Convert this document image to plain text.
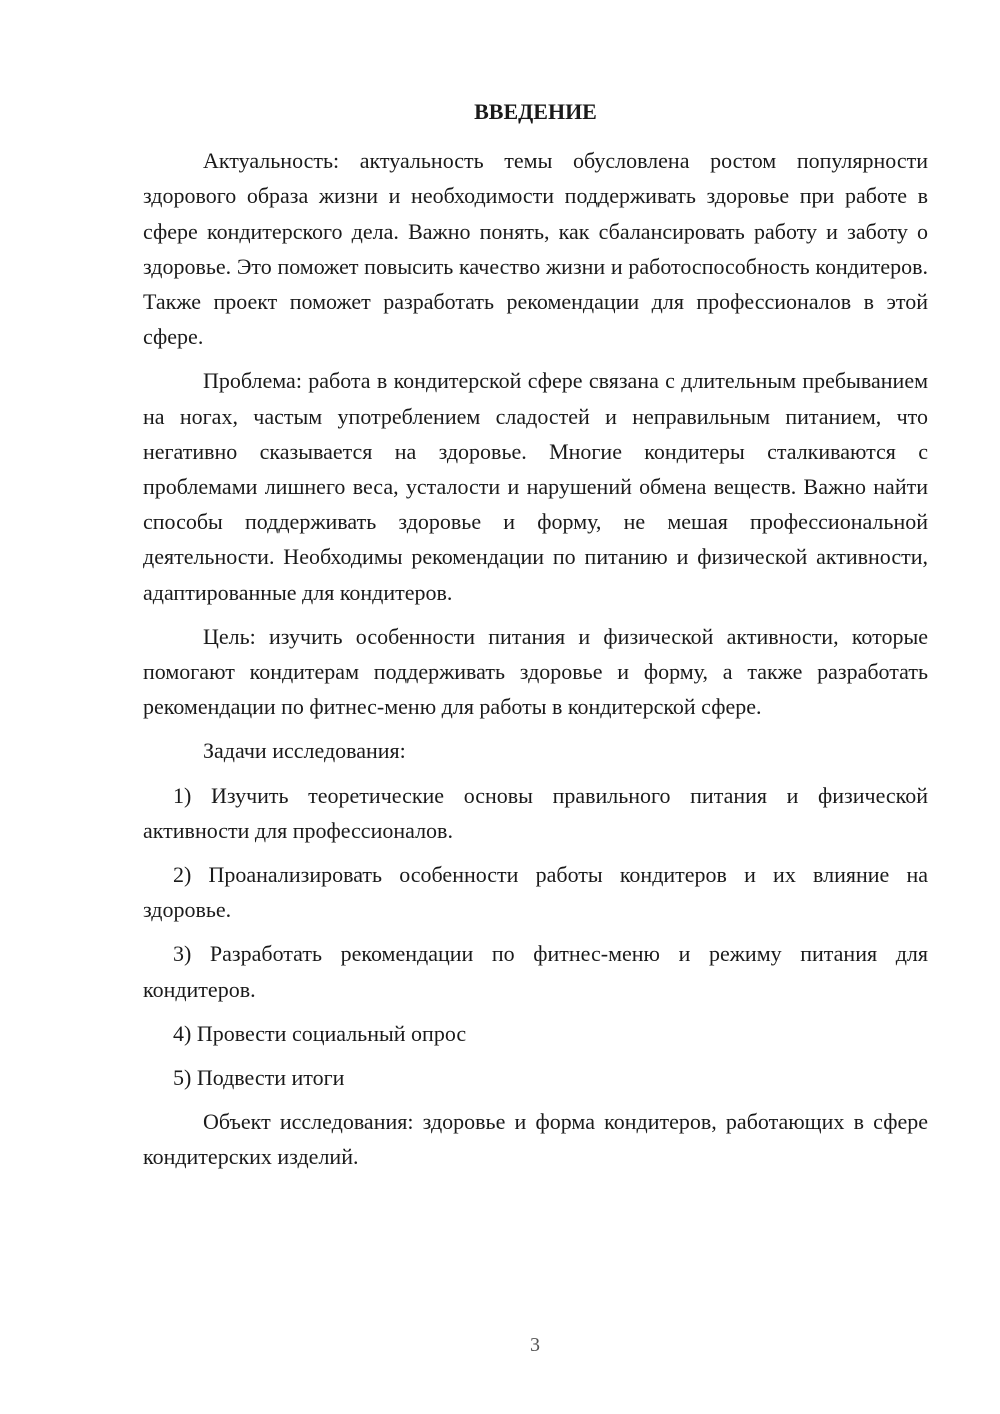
ВВЕДЕНИЕ

Актуальность: актуальность темы обусловлена ростом популярности здорового образа жизни и необходимости поддерживать здоровье при работе в сфере кондитерского дела. Важно понять, как сбалансировать работу и заботу о здоровье. Это поможет повысить качество жизни и работоспособность кондитеров. Также проект поможет разработать рекомендации для профессионалов в этой сфере.

Проблема: работа в кондитерской сфере связана с длительным пребыванием на ногах, частым употреблением сладостей и неправильным питанием, что негативно сказывается на здоровье. Многие кондитеры сталкиваются с проблемами лишнего веса, усталости и нарушений обмена веществ. Важно найти способы поддерживать здоровье и форму, не мешая профессиональной деятельности. Необходимы рекомендации по питанию и физической активности, адаптированные для кондитеров.

Цель: изучить особенности питания и физической активности, которые помогают кондитерам поддерживать здоровье и форму, а также разработать рекомендации по фитнес-меню для работы в кондитерской сфере.

Задачи исследования:

1) Изучить теоретические основы правильного питания и физической активности для профессионалов.

2) Проанализировать особенности работы кондитеров и их влияние на здоровье.

3) Разработать рекомендации по фитнес-меню и режиму питания для кондитеров.

4) Провести социальный опрос

5) Подвести итоги

Объект исследования: здоровье и форма кондитеров, работающих в сфере кондитерских изделий.

3
